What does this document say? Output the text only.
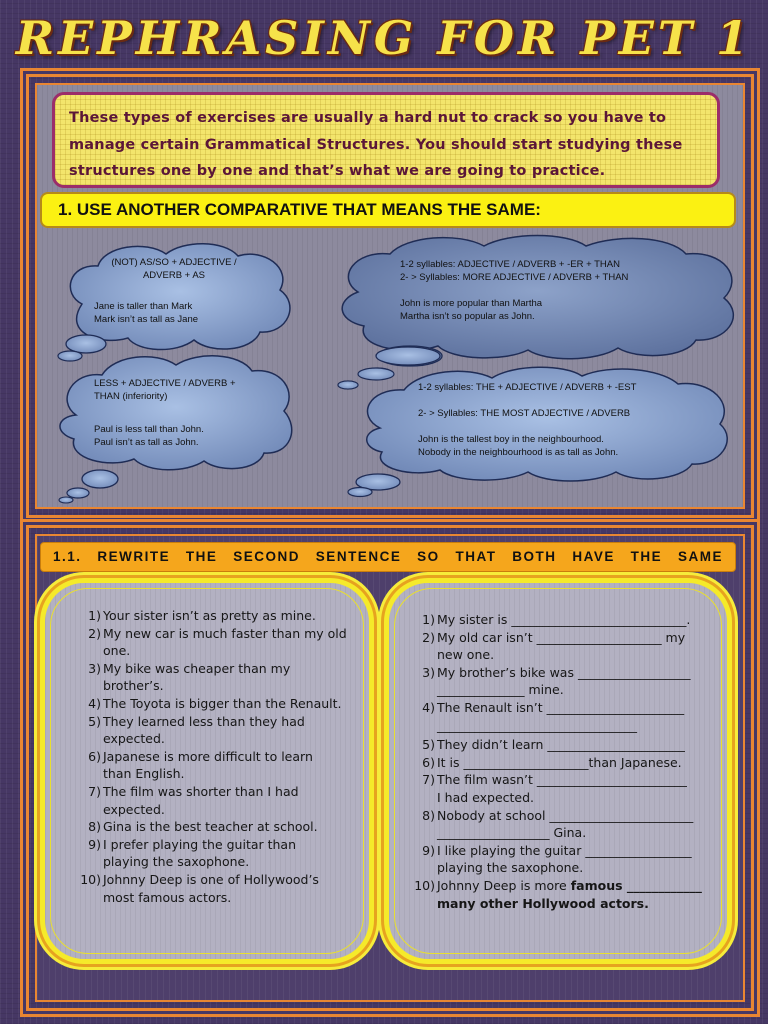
REPHRASING FOR PET 1
These types of exercises are usually a hard nut to crack so you have to manage certain Grammatical Structures. You should start studying these structures one by one and that’s what we are going to practice.
1. USE ANOTHER COMPARATIVE THAT MEANS THE SAME:
(NOT) AS/SO + ADJECTIVE /
ADVERB + AS
Jane is taller than Mark
Mark isn’t as tall as Jane
1-2 syllables: ADJECTIVE / ADVERB + -ER + THAN
2- > Syllables: MORE ADJECTIVE / ADVERB + THAN
John is more popular than Martha
Martha isn’t so popular as John.
LESS + ADJECTIVE / ADVERB +
THAN (inferiority)
Paul is less tall than John.
Paul isn’t as tall as John.
1-2 syllables: THE + ADJECTIVE / ADVERB + -EST
2- > Syllables: THE MOST ADJECTIVE / ADVERB
John is the tallest boy in the neighbourhood.
Nobody in the neighbourhood is as tall as John.
1.1. REWRITE THE SECOND SENTENCE SO THAT BOTH HAVE THE SAME
1) Your sister isn’t as pretty as mine.
2) My new car is much faster than my old
one.
3) My bike was cheaper than my
brother’s.
4) The Toyota is bigger than the Renault.
5) They learned less than they had
expected.
6) Japanese is more difficult to learn
than English.
7) The film was shorter than I had
expected.
8) Gina is the best teacher at school.
9) I prefer playing the guitar than
playing the saxophone.
10) Johnny Deep is one of Hollywood’s
most famous actors.
1) My sister is ____________________________.
2) My old car isn’t ____________________ my
new one.
3) My brother’s bike was __________________
______________ mine.
4) The Renault isn’t ______________________
________________________________
5) They didn’t learn ______________________
6) It is ____________________than Japanese.
7) The film wasn’t ________________________
I had expected.
8) Nobody at school _______________________
__________________ Gina.
9) I like playing the guitar _________________
playing the saxophone.
10) Johnny Deep is more famous ____________
many other Hollywood actors.
